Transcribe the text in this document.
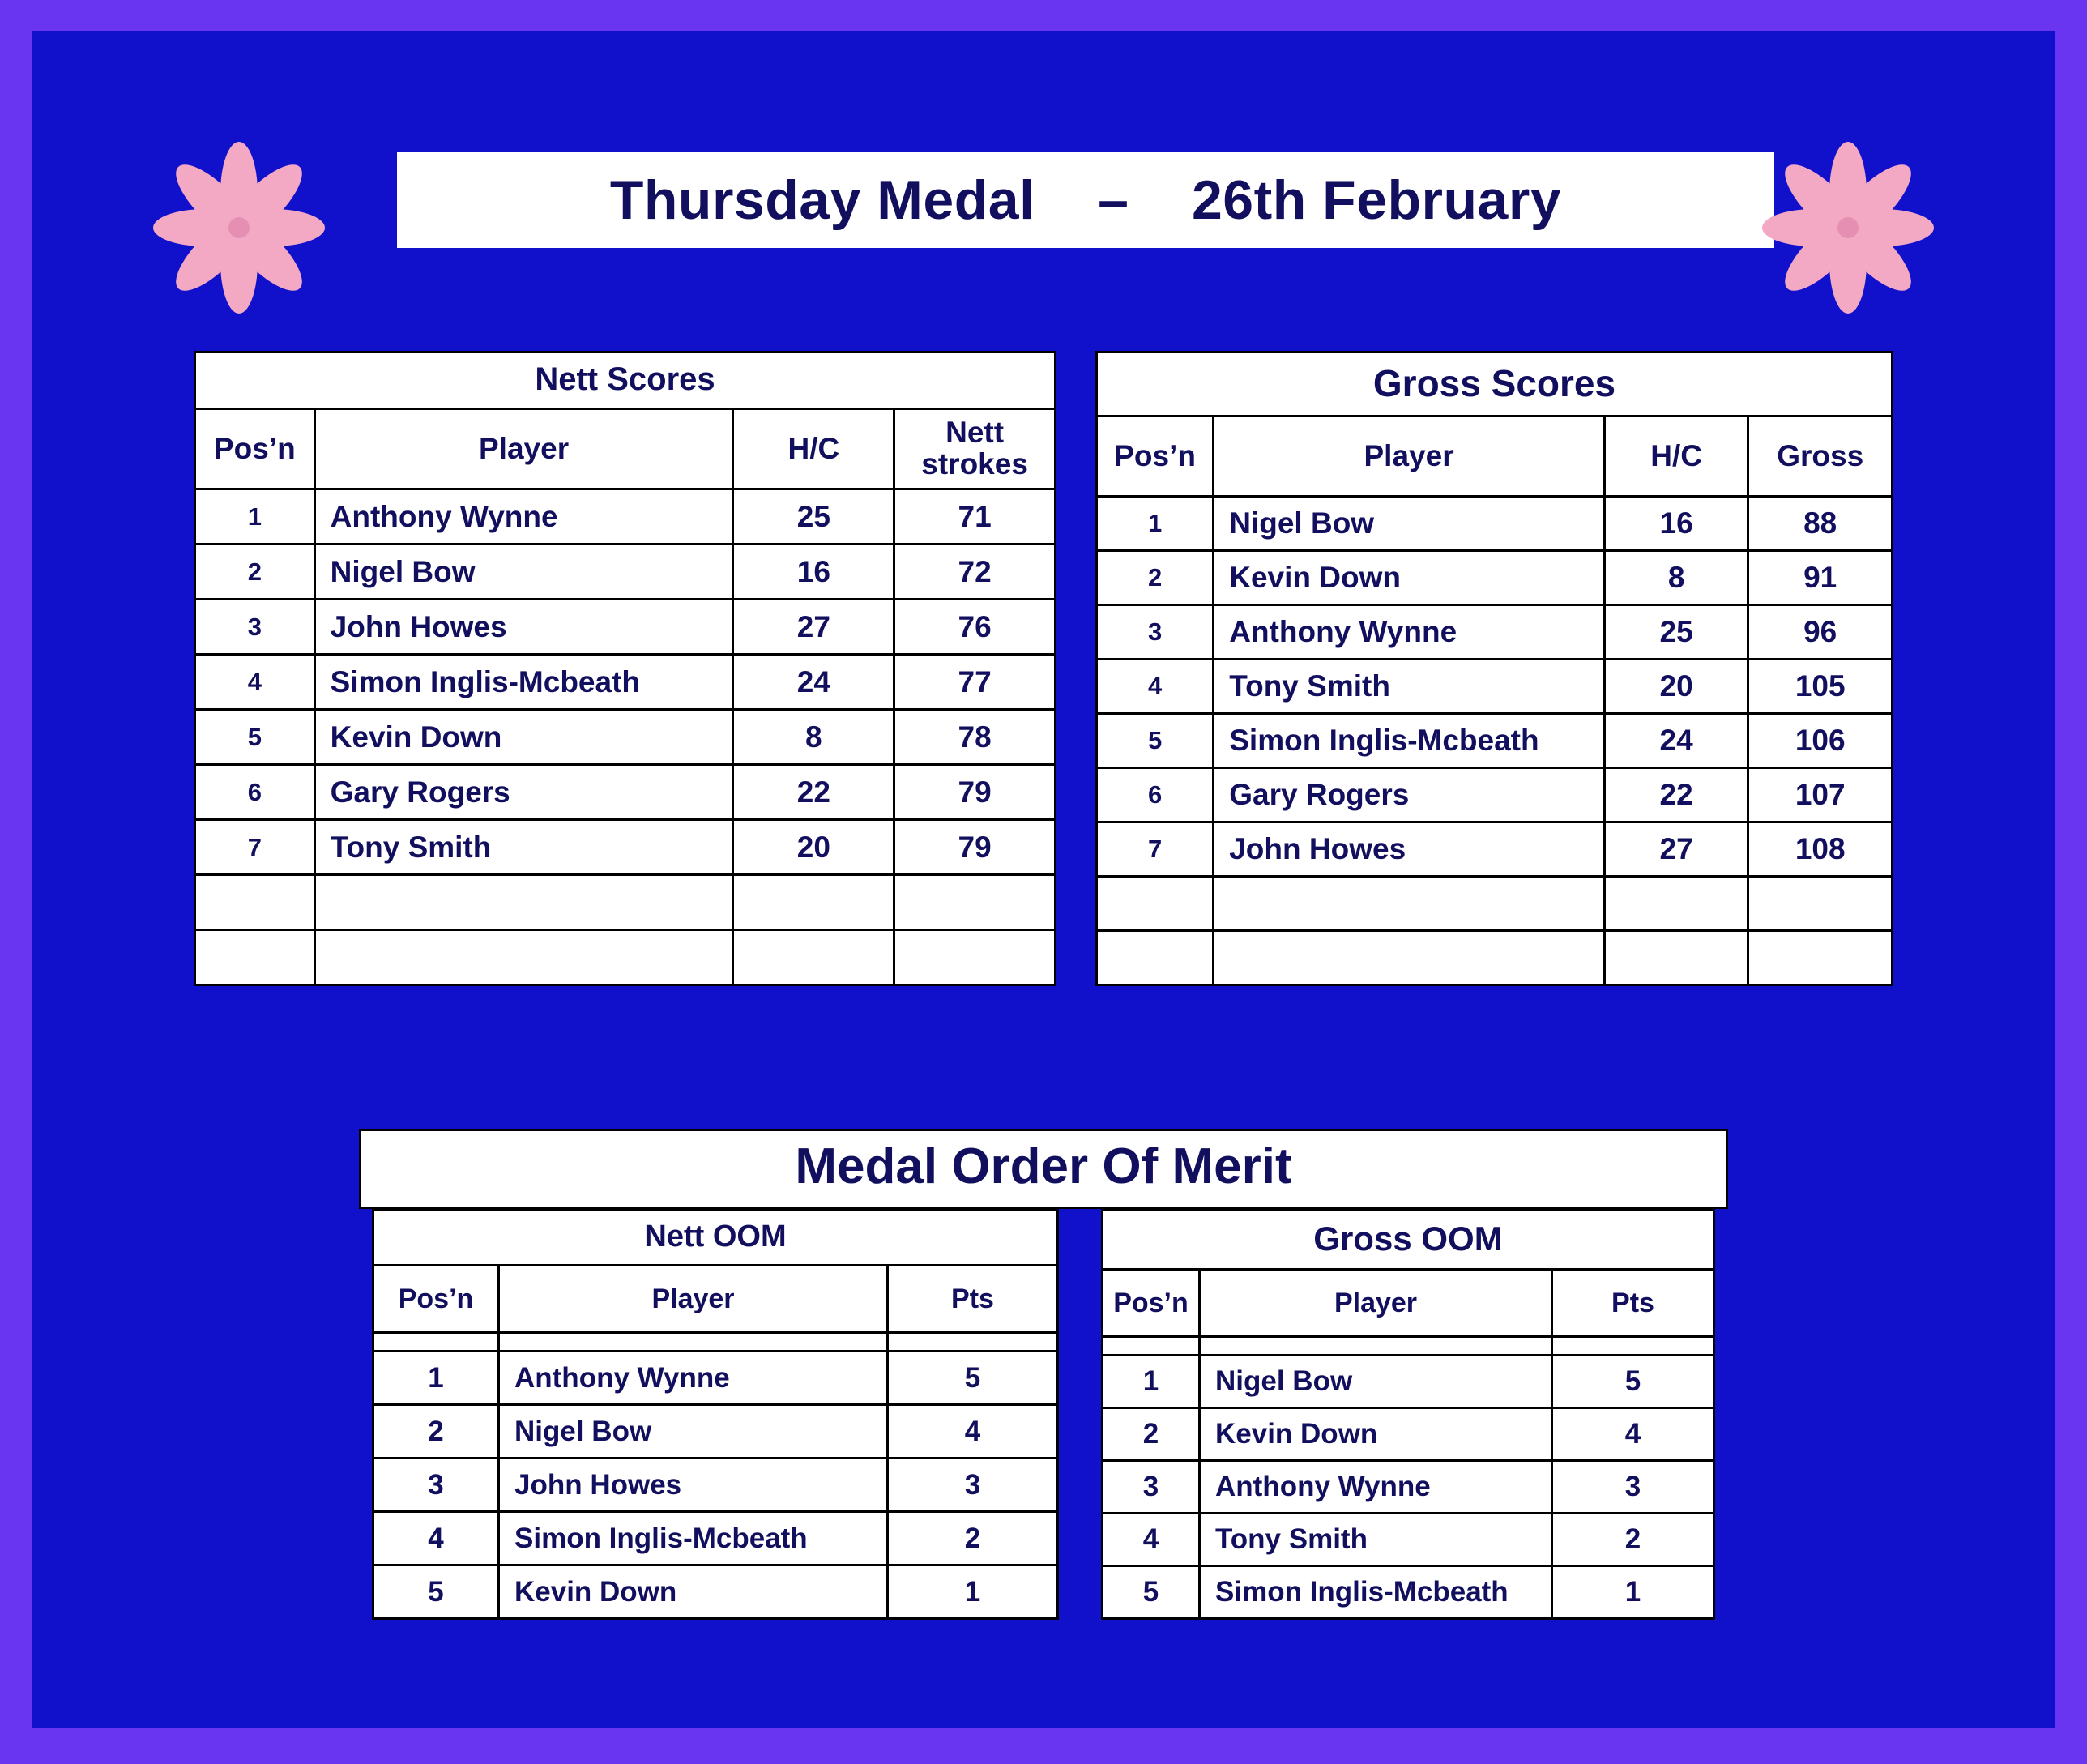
Thursday Medal    –    26th February
Nett Scores			
Pos’n	Player	H/C	Nett strokes
1	Anthony Wynne	25	71
2	Nigel Bow	16	72
3	John Howes	27	76
4	Simon Inglis-Mcbeath	24	77
5	Kevin Down	8	78
6	Gary Rogers	22	79
7	Tony Smith	20	79

Gross Scores			
Pos’n	Player	H/C	Gross
1	Nigel Bow	16	88
2	Kevin Down	8	91
3	Anthony Wynne	25	96
4	Tony Smith	20	105
5	Simon Inglis-Mcbeath	24	106
6	Gary Rogers	22	107
7	John Howes	27	108

Medal Order Of Merit
Nett OOM		
Pos’n	Player	Pts

1	Anthony Wynne	5
2	Nigel Bow	4
3	John Howes	3
4	Simon Inglis-Mcbeath	2
5	Kevin Down	1
Gross OOM		
Pos’n	Player	Pts

1	Nigel Bow	5
2	Kevin Down	4
3	Anthony Wynne	3
4	Tony Smith	2
5	Simon Inglis-Mcbeath	1
